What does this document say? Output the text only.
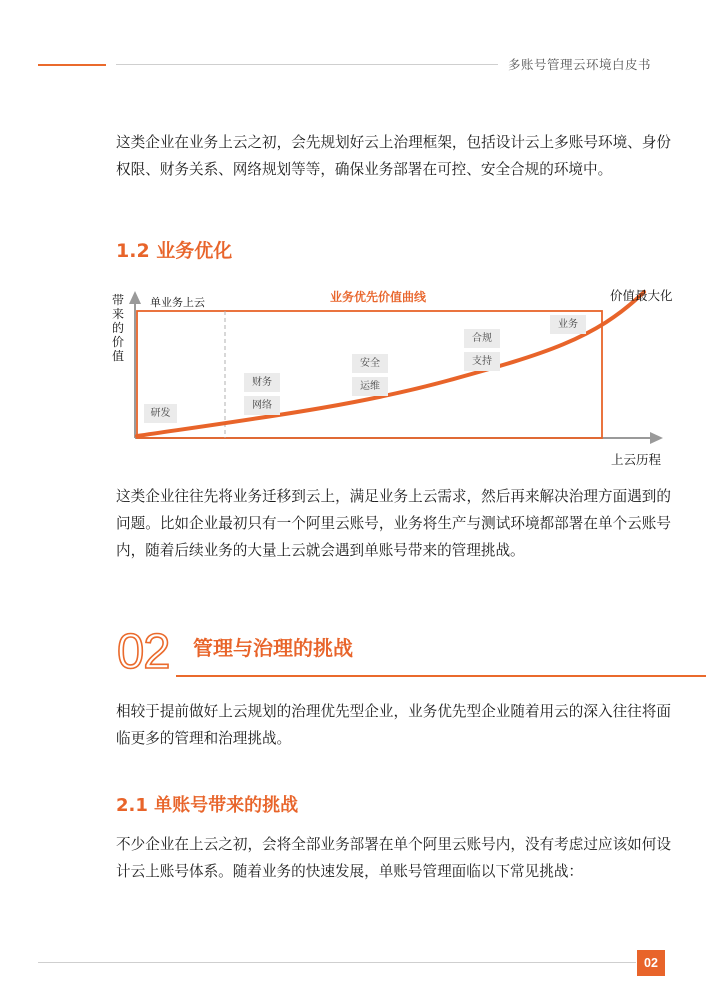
多账号管理云环境白皮书
这类企业在业务上云之初，会先规划好云上治理框架，包括设计云上多账号环境、身份权限、财务关系、网络规划等等，确保业务部署在可控、安全合规的环境中。
1.2 业务优化
带来的价值
单业务上云	业务优先价值曲线	价值最大化
上云历程
研发
财务
网络
安全
运维
合规
支持
业务
这类企业往往先将业务迁移到云上，满足业务上云需求，然后再来解决治理方面遇到的问题。比如企业最初只有一个阿里云账号，业务将生产与测试环境都部署在单个云账号内，随着后续业务的大量上云就会遇到单账号带来的管理挑战。
02 管理与治理的挑战
相较于提前做好上云规划的治理优先型企业，业务优先型企业随着用云的深入往往将面临更多的管理和治理挑战。
2.1 单账号带来的挑战
不少企业在上云之初，会将全部业务部署在单个阿里云账号内，没有考虑过应该如何设计云上账号体系。随着业务的快速发展，单账号管理面临以下常见挑战：
02
